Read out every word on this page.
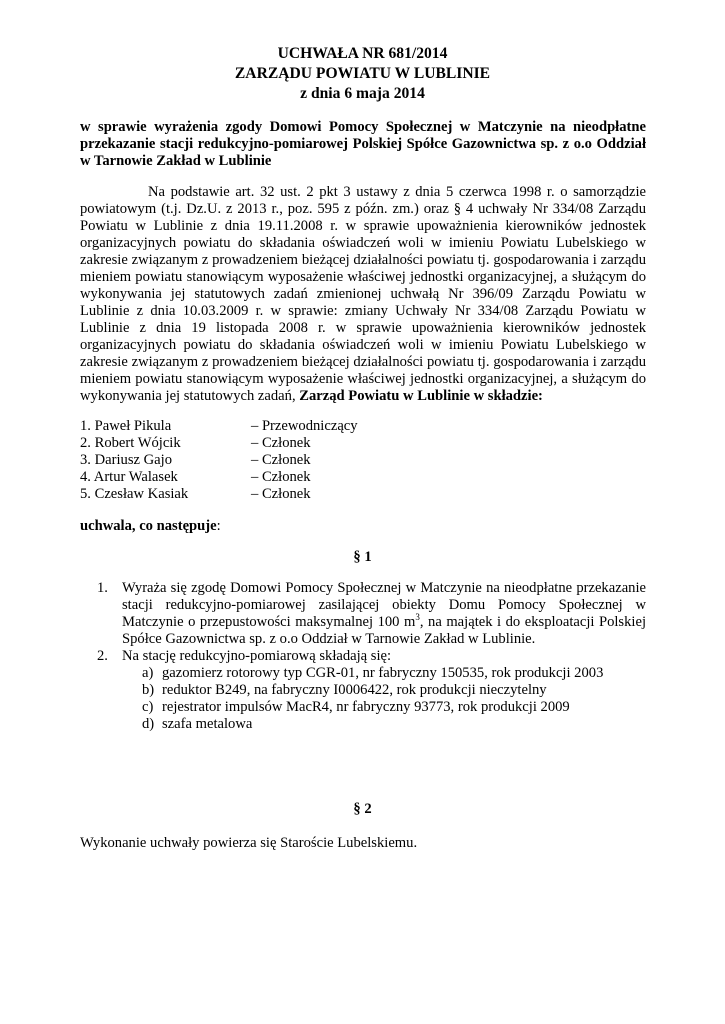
UCHWAŁA NR 681/2014
ZARZĄDU POWIATU W LUBLINIE
z dnia 6 maja 2014
w sprawie wyrażenia zgody Domowi Pomocy Społecznej w Matczynie na nieodpłatne przekazanie stacji redukcyjno-pomiarowej Polskiej Spółce Gazownictwa sp. z o.o Oddział w Tarnowie Zakład w Lublinie
Na podstawie art. 32 ust. 2 pkt 3 ustawy z dnia 5 czerwca 1998 r. o samorządzie powiatowym (t.j. Dz.U. z 2013 r., poz. 595 z późn. zm.) oraz § 4 uchwały Nr 334/08 Zarządu Powiatu w Lublinie z dnia 19.11.2008 r. w sprawie upoważnienia kierowników jednostek organizacyjnych powiatu do składania oświadczeń woli w imieniu Powiatu Lubelskiego w zakresie związanym z prowadzeniem bieżącej działalności powiatu tj. gospodarowania i zarządu mieniem powiatu stanowiącym wyposażenie właściwej jednostki organizacyjnej, a służącym do wykonywania jej statutowych zadań zmienionej uchwałą Nr 396/09 Zarządu Powiatu w Lublinie z dnia 10.03.2009 r. w sprawie: zmiany Uchwały Nr 334/08 Zarządu Powiatu w Lublinie z dnia 19 listopada 2008 r. w sprawie upoważnienia kierowników jednostek organizacyjnych powiatu do składania oświadczeń woli w imieniu Powiatu Lubelskiego w zakresie związanym z prowadzeniem bieżącej działalności powiatu tj. gospodarowania i zarządu mieniem powiatu stanowiącym wyposażenie właściwej jednostki organizacyjnej, a służącym do wykonywania jej statutowych zadań, Zarząd Powiatu w Lublinie w składzie:
1. Paweł Pikula	– Przewodniczący
2. Robert Wójcik	– Członek
3. Dariusz Gajo	– Członek
4. Artur Walasek	– Członek
5. Czesław Kasiak	– Członek
uchwala, co następuje:
§ 1
1. Wyraża się zgodę Domowi Pomocy Społecznej w Matczynie na nieodpłatne przekazanie stacji redukcyjno-pomiarowej zasilającej obiekty Domu Pomocy Społecznej w Matczynie o przepustowości maksymalnej 100 $m^3$, na majątek i do eksploatacji Polskiej Spółce Gazownictwa sp. z o.o Oddział w Tarnowie Zakład w Lublinie.
2. Na stację redukcyjno-pomiarową składają się:
a) gazomierz rotorowy typ CGR-01, nr fabryczny 150535, rok produkcji 2003
b) reduktor B249, na fabryczny I0006422, rok produkcji nieczytelny
c) rejestrator impulsów MacR4, nr fabryczny 93773, rok produkcji 2009
d) szafa metalowa
§ 2
Wykonanie uchwały powierza się Staroście Lubelskiemu.
